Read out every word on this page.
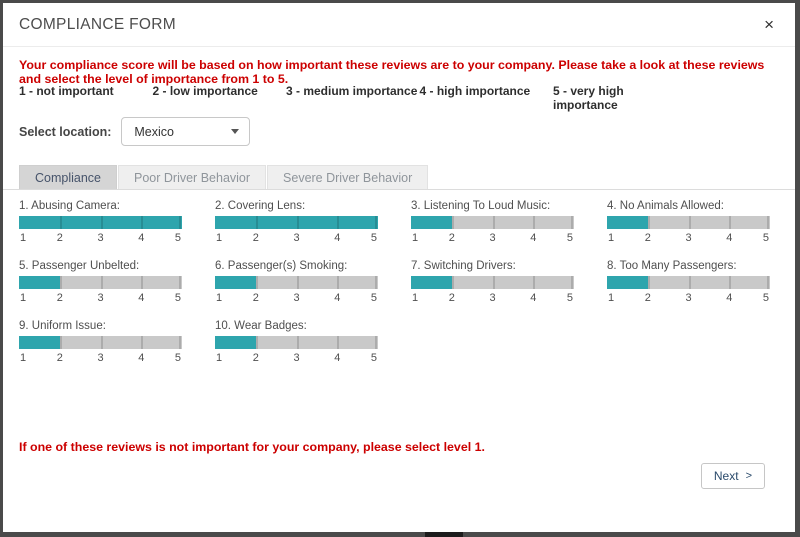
COMPLIANCE FORM	×
Your compliance score will be based on how important these reviews are to your company. Please take a look at these reviews and select the level of importance from 1 to 5.
1 - not important	2 - low importance	3 - medium importance 4 - high importance	5 - very high importance
Select location: Mexico
Compliance	Poor Driver Behavior	Severe Driver Behavior
1. Abusing Camera:
1	2	3	4	5
2. Covering Lens:
1	2	3	4	5
3. Listening To Loud Music:
1	2	3	4	5
4. No Animals Allowed:
1	2	3	4	5
5. Passenger Unbelted:
1	2	3	4	5
6. Passenger(s) Smoking:
1	2	3	4	5
7. Switching Drivers:
1	2	3	4	5
8. Too Many Passengers:
1	2	3	4	5
9. Uniform Issue:
1	2	3	4	5
10. Wear Badges:
1	2	3	4	5
If one of these reviews is not important for your company, please select level 1.
Next >
